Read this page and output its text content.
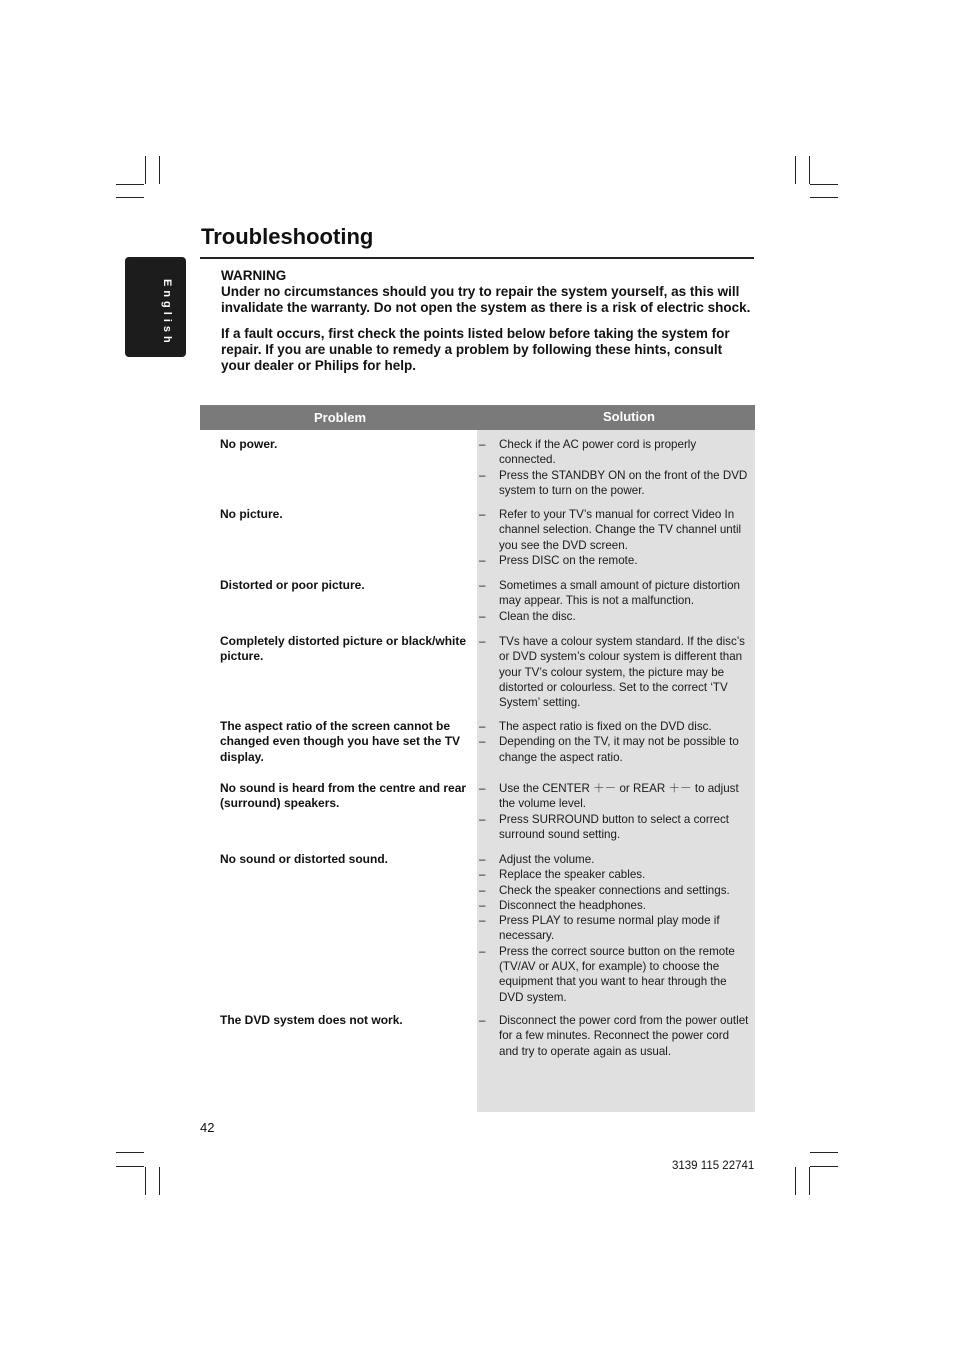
English
Troubleshooting

WARNING

Under no circumstances should you try to repair the system yourself, as this will invalidate the warranty. Do not open the system as there is a risk of electric shock.

If a fault occurs, first check the points listed below before taking the system for repair. If you are unable to remedy a problem by following these hints, consult your dealer or Philips for help.

Problem	Solution
No power.	– Check if the AC power cord is properly connected.
– Press the STANDBY ON on the front of the DVD system to turn on the power.
No picture.	– Refer to your TV’s manual for correct Video In channel selection. Change the TV channel until you see the DVD screen.
– Press DISC on the remote.
Distorted or poor picture.	– Sometimes a small amount of picture distortion may appear. This is not a malfunction.
– Clean the disc.
Completely distorted picture or black/white picture.
– TVs have a colour system standard. If the disc’s or DVD system’s colour system is different than your TV’s colour system, the picture may be distorted or colourless. Set to the correct ‘TV System’ setting.
The aspect ratio of the screen cannot be changed even though you have set the TV display.
– The aspect ratio is fixed on the DVD disc.
– Depending on the TV, it may not be possible to change the aspect ratio.
No sound is heard from the centre and rear (surround) speakers.
– Use the CENTER ＋－ or REAR ＋－ to adjust the volume level.
– Press SURROUND button to select a correct surround sound setting.
No sound or distorted sound.	– Adjust the volume.
– Replace the speaker cables.
– Check the speaker connections and settings.
– Disconnect the headphones.
– Press PLAY to resume normal play mode if necessary.
– Press the correct source button on the remote (TV/AV or AUX, for example) to choose the equipment that you want to hear through the DVD system.
The DVD system does not work.	– Disconnect the power cord from the power outlet for a few minutes. Reconnect the power cord and try to operate again as usual.
42
3139 115 22741
